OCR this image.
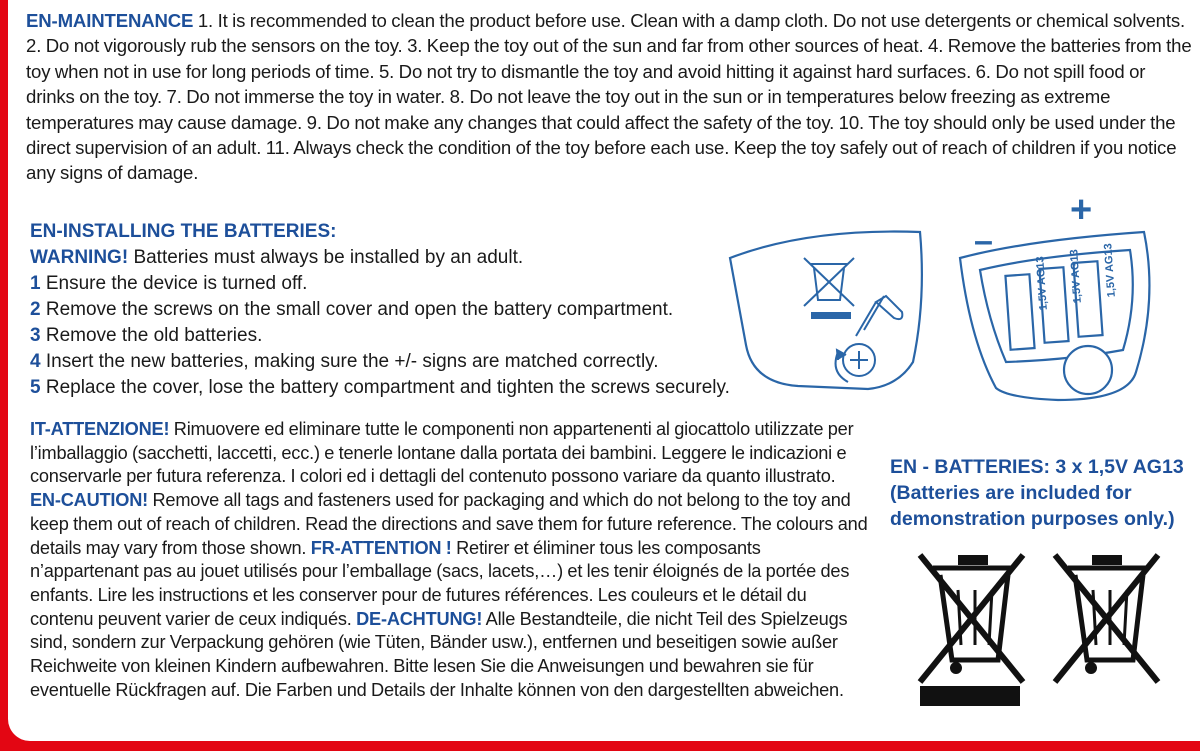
EN-MAINTENANCE 1. It is recommended to clean the product before use. Clean with a damp cloth. Do not use detergents or chemical solvents. 2. Do not vigorously rub the sensors on the toy. 3. Keep the toy out of the sun and far from other sources of heat. 4. Remove the batteries from the toy when not in use for long periods of time. 5. Do not try to dismantle the toy and avoid hitting it against hard surfaces. 6. Do not spill food or drinks on the toy. 7. Do not immerse the toy in water. 8. Do not leave the toy out in the sun or in temperatures below freezing as extreme temperatures may cause damage. 9. Do not make any changes that could affect the safety of the toy. 10. The toy should only be used under the direct supervision of an adult. 11. Always check the condition of the toy before each use. Keep the toy safely out of reach of children if you notice any signs of damage.
EN-INSTALLING THE BATTERIES:
WARNING! Batteries must always be installed by an adult.
1 Ensure the device is turned off.
2 Remove the screws on the small cover and open the battery compartment.
3 Remove the old batteries.
4 Insert the new batteries, making sure the +/- signs are matched correctly.
5 Replace the cover, lose the battery compartment and tighten the screws securely.
1,5V AG13 1,5V AG13 1,5V AG13
–
+
IT-ATTENZIONE! Rimuovere ed eliminare tutte le componenti non appartenenti al giocattolo utilizzate per l’imballaggio (sacchetti, laccetti, ecc.) e tenerle lontane dalla portata dei bambini. Leggere le indicazioni e conservarle per futura referenza. I colori ed i dettagli del contenuto possono variare da quanto illustrato. EN-CAUTION! Remove all tags and fasteners used for packaging and which do not belong to the toy and keep them out of reach of children. Read the directions and save them for future reference. The colours and details may vary from those shown. FR-ATTENTION ! Retirer et éliminer tous les composants n’appartenant pas au jouet utilisés pour l’emballage (sacs, lacets,…) et les tenir éloignés de la portée des enfants. Lire les instructions et les conserver pour de futures références. Les couleurs et le détail du contenu peuvent varier de ceux indiqués. DE-ACHTUNG! Alle Bestandteile, die nicht Teil des Spielzeugs sind, sondern zur Verpackung gehören (wie Tüten, Bänder usw.), entfernen und beseitigen sowie außer Reichweite von kleinen Kindern aufbewahren. Bitte lesen Sie die Anweisungen und bewahren sie für eventuelle Rückfragen auf. Die Farben und Details der Inhalte können von den dargestellten abweichen.
EN - BATTERIES: 3 x 1,5V AG13
(Batteries are included for
demonstration purposes only.)
